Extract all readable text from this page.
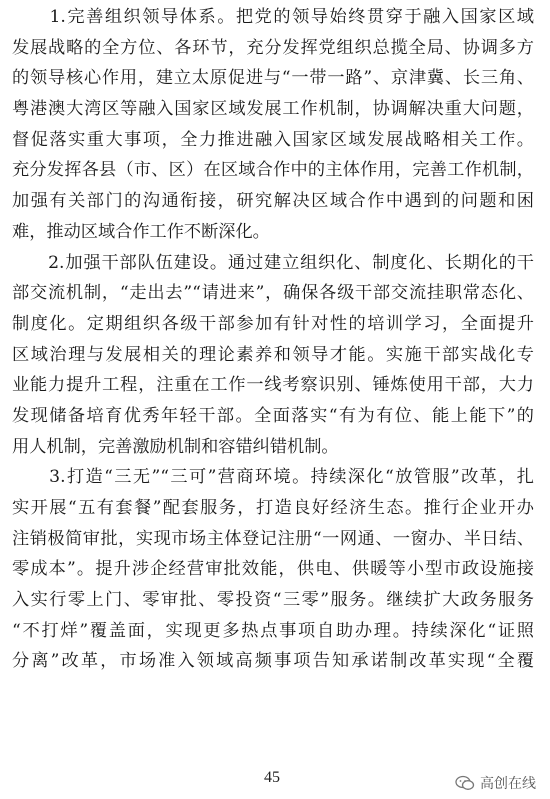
　　1.完善组织领导体系。把党的领导始终贯穿于融入国家区域
发展战略的全方位、各环节，充分发挥党组织总揽全局、协调多方
的领导核心作用，建立太原促进与“一带一路”、京津冀、长三角、
粤港澳大湾区等融入国家区域发展工作机制，协调解决重大问题，
督促落实重大事项，全力推进融入国家区域发展战略相关工作。
充分发挥各县（市、区）在区域合作中的主体作用，完善工作机制，
加强有关部门的沟通衔接，研究解决区域合作中遇到的问题和困
难，推动区域合作工作不断深化。
　　2.加强干部队伍建设。通过建立组织化、制度化、长期化的干
部交流机制，“走出去”“请进来”，确保各级干部交流挂职常态化、
制度化。定期组织各级干部参加有针对性的培训学习，全面提升
区域治理与发展相关的理论素养和领导才能。实施干部实战化专
业能力提升工程，注重在工作一线考察识别、锤炼使用干部，大力
发现储备培育优秀年轻干部。全面落实“有为有位、能上能下”的
用人机制，完善激励机制和容错纠错机制。
　　3.打造“三无”“三可”营商环境。持续深化“放管服”改革，扎
实开展“五有套餐”配套服务，打造良好经济生态。推行企业开办
注销极简审批，实现市场主体登记注册“一网通、一窗办、半日结、
零成本”。提升涉企经营审批效能，供电、供暖等小型市政设施接
入实行零上门、零审批、零投资“三零”服务。继续扩大政务服务
“不打烊”覆盖面，实现更多热点事项自助办理。持续深化“证照
分离”改革，市场准入领域高频事项告知承诺制改革实现“全覆
45	高创在线
